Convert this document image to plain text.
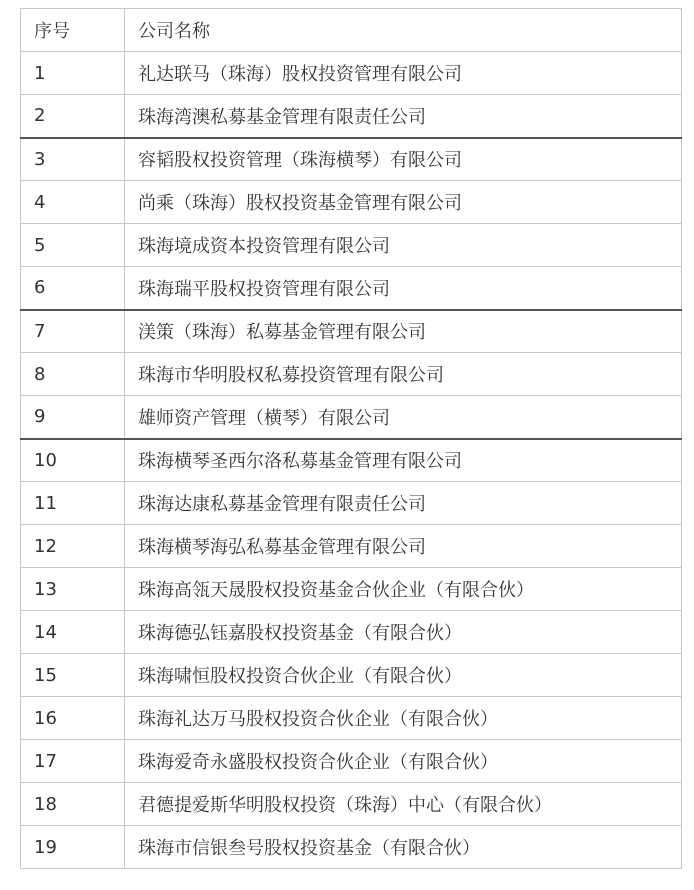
序号	公司名称
1	礼达联马（珠海）股权投资管理有限公司
2	珠海湾澳私募基金管理有限责任公司
3	容韬股权投资管理（珠海横琴）有限公司
4	尚乘（珠海）股权投资基金管理有限公司
5	珠海境成资本投资管理有限公司
6	珠海瑞平股权投资管理有限公司
7	渼策（珠海）私募基金管理有限公司
8	珠海市华明股权私募投资管理有限公司
9	雄师资产管理（横琴）有限公司
10	珠海横琴圣西尔洛私募基金管理有限公司
11	珠海达康私募基金管理有限责任公司
12	珠海横琴海弘私募基金管理有限公司
13	珠海高瓴天晟股权投资基金合伙企业（有限合伙）
14	珠海德弘钰嘉股权投资基金（有限合伙）
15	珠海啸恒股权投资合伙企业（有限合伙）
16	珠海礼达万马股权投资合伙企业（有限合伙）
17	珠海爱奇永盛股权投资合伙企业（有限合伙）
18	君德提爱斯华明股权投资（珠海）中心（有限合伙）
19	珠海市信银叁号股权投资基金（有限合伙）
